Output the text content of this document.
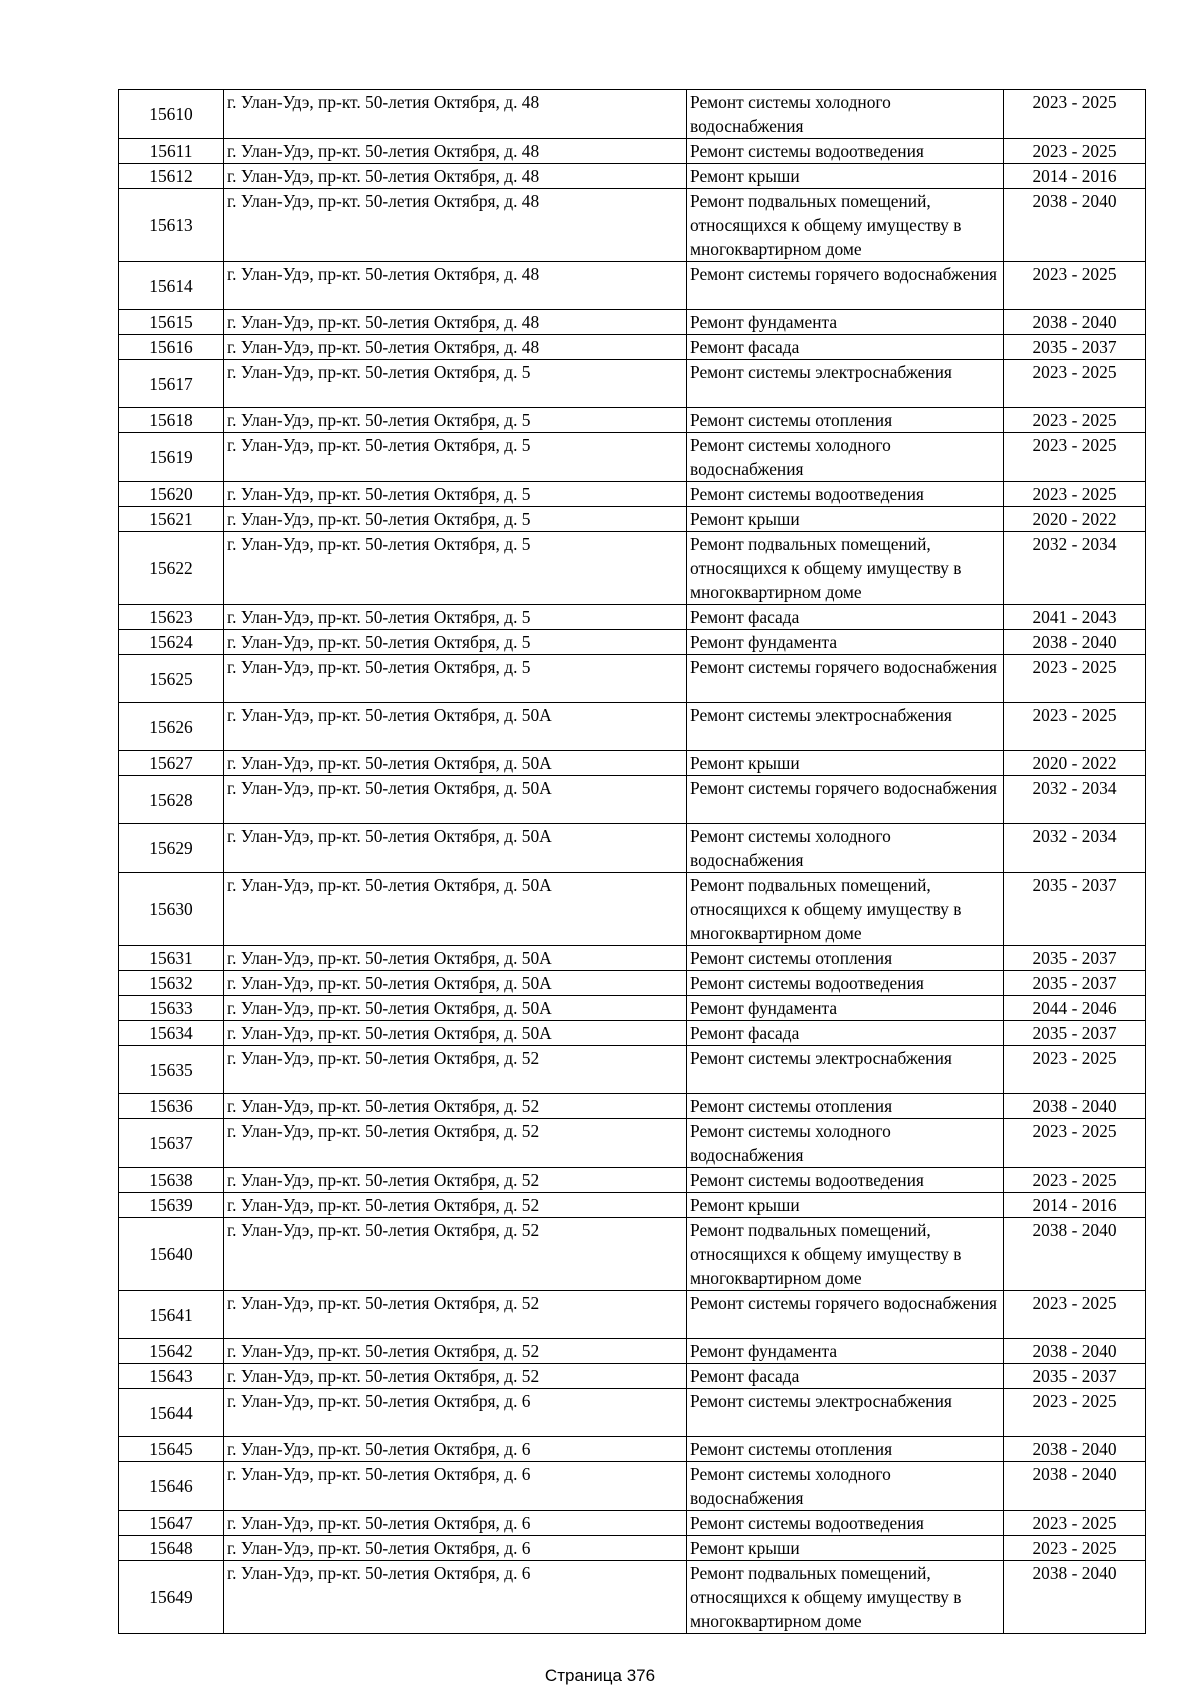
15610	г. Улан-Удэ, пр-кт. 50-летия Октября, д. 48	Ремонт системы холодного водоснабжения	2023 - 2025
15611	г. Улан-Удэ, пр-кт. 50-летия Октября, д. 48	Ремонт системы водоотведения	2023 - 2025
15612	г. Улан-Удэ, пр-кт. 50-летия Октября, д. 48	Ремонт крыши	2014 - 2016
15613	г. Улан-Удэ, пр-кт. 50-летия Октября, д. 48	Ремонт подвальных помещений, относящихся к общему имуществу в многоквартирном доме	2038 - 2040
15614	г. Улан-Удэ, пр-кт. 50-летия Октября, д. 48	Ремонт системы горячего водоснабжения	2023 - 2025
15615	г. Улан-Удэ, пр-кт. 50-летия Октября, д. 48	Ремонт фундамента	2038 - 2040
15616	г. Улан-Удэ, пр-кт. 50-летия Октября, д. 48	Ремонт фасада	2035 - 2037
15617	г. Улан-Удэ, пр-кт. 50-летия Октября, д. 5	Ремонт системы электроснабжения	2023 - 2025
15618	г. Улан-Удэ, пр-кт. 50-летия Октября, д. 5	Ремонт системы отопления	2023 - 2025
15619	г. Улан-Удэ, пр-кт. 50-летия Октября, д. 5	Ремонт системы холодного водоснабжения	2023 - 2025
15620	г. Улан-Удэ, пр-кт. 50-летия Октября, д. 5	Ремонт системы водоотведения	2023 - 2025
15621	г. Улан-Удэ, пр-кт. 50-летия Октября, д. 5	Ремонт крыши	2020 - 2022
15622	г. Улан-Удэ, пр-кт. 50-летия Октября, д. 5	Ремонт подвальных помещений, относящихся к общему имуществу в многоквартирном доме	2032 - 2034
15623	г. Улан-Удэ, пр-кт. 50-летия Октября, д. 5	Ремонт фасада	2041 - 2043
15624	г. Улан-Удэ, пр-кт. 50-летия Октября, д. 5	Ремонт фундамента	2038 - 2040
15625	г. Улан-Удэ, пр-кт. 50-летия Октября, д. 5	Ремонт системы горячего водоснабжения	2023 - 2025
15626	г. Улан-Удэ, пр-кт. 50-летия Октября, д. 50А	Ремонт системы электроснабжения	2023 - 2025
15627	г. Улан-Удэ, пр-кт. 50-летия Октября, д. 50А	Ремонт крыши	2020 - 2022
15628	г. Улан-Удэ, пр-кт. 50-летия Октября, д. 50А	Ремонт системы горячего водоснабжения	2032 - 2034
15629	г. Улан-Удэ, пр-кт. 50-летия Октября, д. 50А	Ремонт системы холодного водоснабжения	2032 - 2034
15630	г. Улан-Удэ, пр-кт. 50-летия Октября, д. 50А	Ремонт подвальных помещений, относящихся к общему имуществу в многоквартирном доме	2035 - 2037
15631	г. Улан-Удэ, пр-кт. 50-летия Октября, д. 50А	Ремонт системы отопления	2035 - 2037
15632	г. Улан-Удэ, пр-кт. 50-летия Октября, д. 50А	Ремонт системы водоотведения	2035 - 2037
15633	г. Улан-Удэ, пр-кт. 50-летия Октября, д. 50А	Ремонт фундамента	2044 - 2046
15634	г. Улан-Удэ, пр-кт. 50-летия Октября, д. 50А	Ремонт фасада	2035 - 2037
15635	г. Улан-Удэ, пр-кт. 50-летия Октября, д. 52	Ремонт системы электроснабжения	2023 - 2025
15636	г. Улан-Удэ, пр-кт. 50-летия Октября, д. 52	Ремонт системы отопления	2038 - 2040
15637	г. Улан-Удэ, пр-кт. 50-летия Октября, д. 52	Ремонт системы холодного водоснабжения	2023 - 2025
15638	г. Улан-Удэ, пр-кт. 50-летия Октября, д. 52	Ремонт системы водоотведения	2023 - 2025
15639	г. Улан-Удэ, пр-кт. 50-летия Октября, д. 52	Ремонт крыши	2014 - 2016
15640	г. Улан-Удэ, пр-кт. 50-летия Октября, д. 52	Ремонт подвальных помещений, относящихся к общему имуществу в многоквартирном доме	2038 - 2040
15641	г. Улан-Удэ, пр-кт. 50-летия Октября, д. 52	Ремонт системы горячего водоснабжения	2023 - 2025
15642	г. Улан-Удэ, пр-кт. 50-летия Октября, д. 52	Ремонт фундамента	2038 - 2040
15643	г. Улан-Удэ, пр-кт. 50-летия Октября, д. 52	Ремонт фасада	2035 - 2037
15644	г. Улан-Удэ, пр-кт. 50-летия Октября, д. 6	Ремонт системы электроснабжения	2023 - 2025
15645	г. Улан-Удэ, пр-кт. 50-летия Октября, д. 6	Ремонт системы отопления	2038 - 2040
15646	г. Улан-Удэ, пр-кт. 50-летия Октября, д. 6	Ремонт системы холодного водоснабжения	2038 - 2040
15647	г. Улан-Удэ, пр-кт. 50-летия Октября, д. 6	Ремонт системы водоотведения	2023 - 2025
15648	г. Улан-Удэ, пр-кт. 50-летия Октября, д. 6	Ремонт крыши	2023 - 2025
15649	г. Улан-Удэ, пр-кт. 50-летия Октября, д. 6	Ремонт подвальных помещений, относящихся к общему имуществу в многоквартирном доме	2038 - 2040
Страница 376
